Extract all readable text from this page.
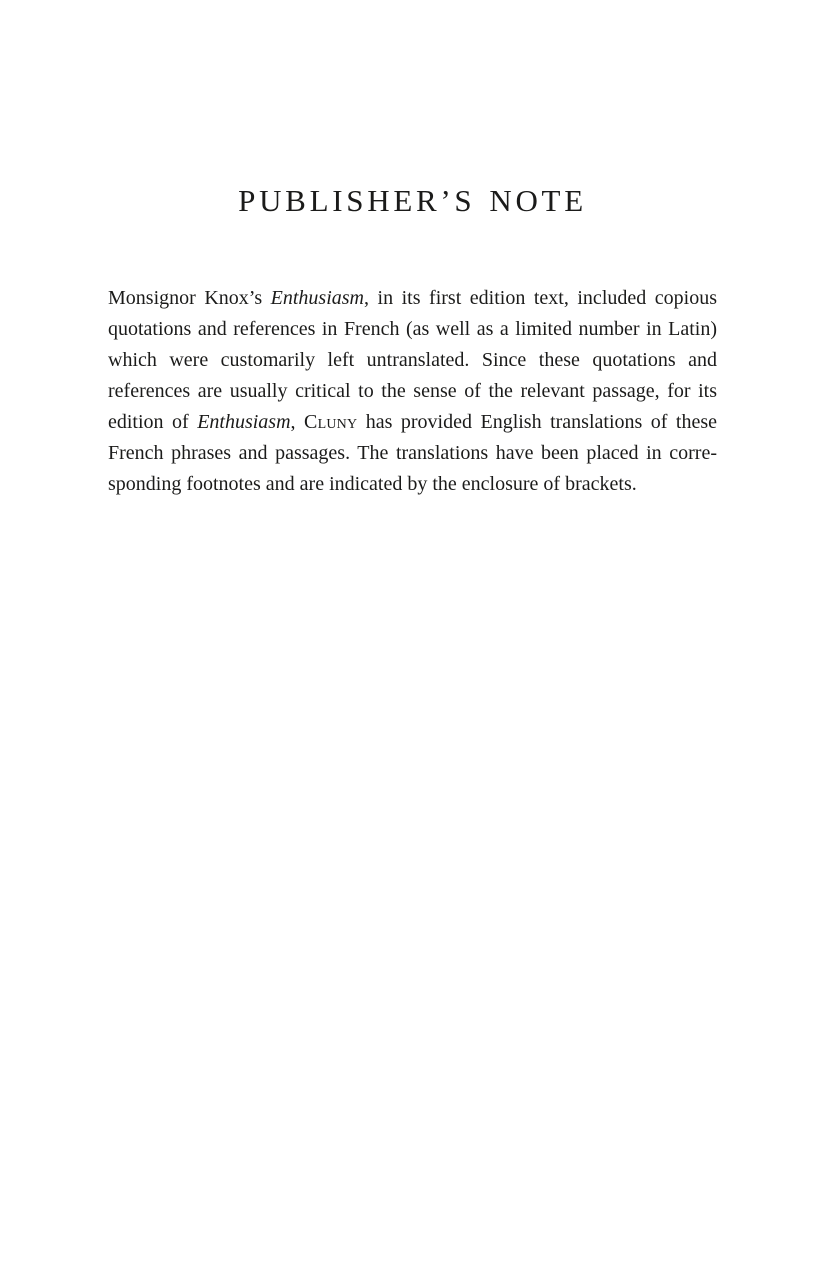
PUBLISHER’S NOTE

Monsignor Knox’s Enthusiasm, in its first edition text, included copious

quotations and references in French (as well as a limited number in Latin)

which were customarily left untranslated. Since these quotations and

references are usually critical to the sense of the relevant passage, for its

edition of Enthusiasm, Cluny has provided English translations of these

French phrases and passages. The translations have been placed in corre-

sponding footnotes and are indicated by the enclosure of brackets.
